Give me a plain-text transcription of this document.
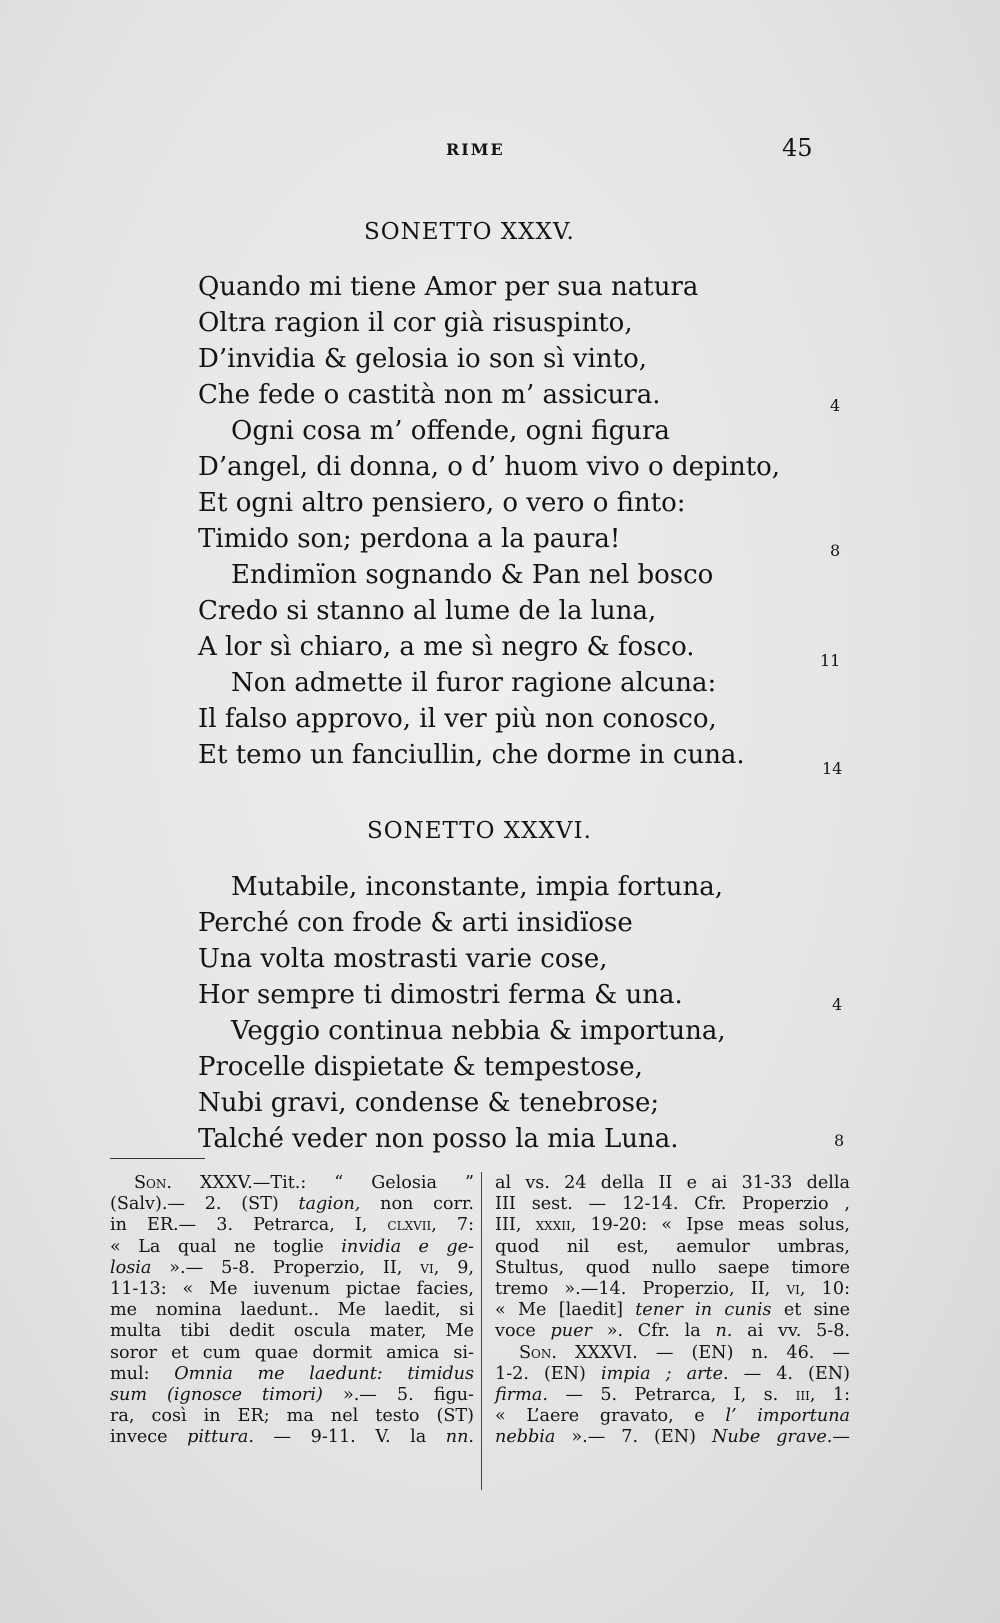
RIME	45
SONETTO XXXV.
Quando mi tiene Amor per sua natura
Oltra ragion il cor già risuspinto,
D’invidia & gelosia io son sì vinto,
Che fede o castità non m’ assicura.
Ogni cosa m’ offende, ogni figura
D’angel, di donna, o d’ huom vivo o depinto,
Et ogni altro pensiero, o vero o finto:
Timido son; perdona a la paura!
Endimïon sognando & Pan nel bosco
Credo si stanno al lume de la luna,
A lor sì chiaro, a me sì negro & fosco.
Non admette il furor ragione alcuna:
Il falso approvo, il ver più non conosco,
Et temo un fanciullin, che dorme in cuna.
4
8
11
14
SONETTO XXXVI.
Mutabile, inconstante, impia fortuna,
Perché con frode & arti insidïose
Una volta mostrasti varie cose,
Hor sempre ti dimostri ferma & una.
Veggio continua nebbia & importuna,
Procelle dispietate & tempestose,
Nubi gravi, condense & tenebrose;
Talché veder non posso la mia Luna.
4
8
Son. XXXV.—Tit.: “ Gelosia ”
(Salv).— 2. (ST) tagion, non corr.
in ER.— 3. Petrarca, I, clxvii, 7:
« La qual ne toglie invidia e ge-
losia ».— 5-8. Properzio, II, vi, 9,
11-13: « Me iuvenum pictae facies,
me nomina laedunt.. Me laedit, si
multa tibi dedit oscula mater, Me
soror et cum quae dormit amica si-
mul: Omnia me laedunt: timidus
sum (ignosce timori) ».— 5. figu-
ra, così in ER; ma nel testo (ST)
invece pittura. — 9-11. V. la nn.
al vs. 24 della II e ai 31-33 della
III sest. — 12-14. Cfr. Properzio ,
III, xxxii, 19-20: « Ipse meas solus,
quod nil est, aemulor umbras,
Stultus, quod nullo saepe timore
tremo ».—14. Properzio, II, vi, 10:
« Me [laedit] tener in cunis et sine
voce puer ». Cfr. la n. ai vv. 5-8.
Son. XXXVI. — (EN) n. 46. —
1-2. (EN) impia ; arte. — 4. (EN)
firma. — 5. Petrarca, I, s. iii, 1:
« L’aere gravato, e l’ importuna
nebbia ».— 7. (EN) Nube grave.—
